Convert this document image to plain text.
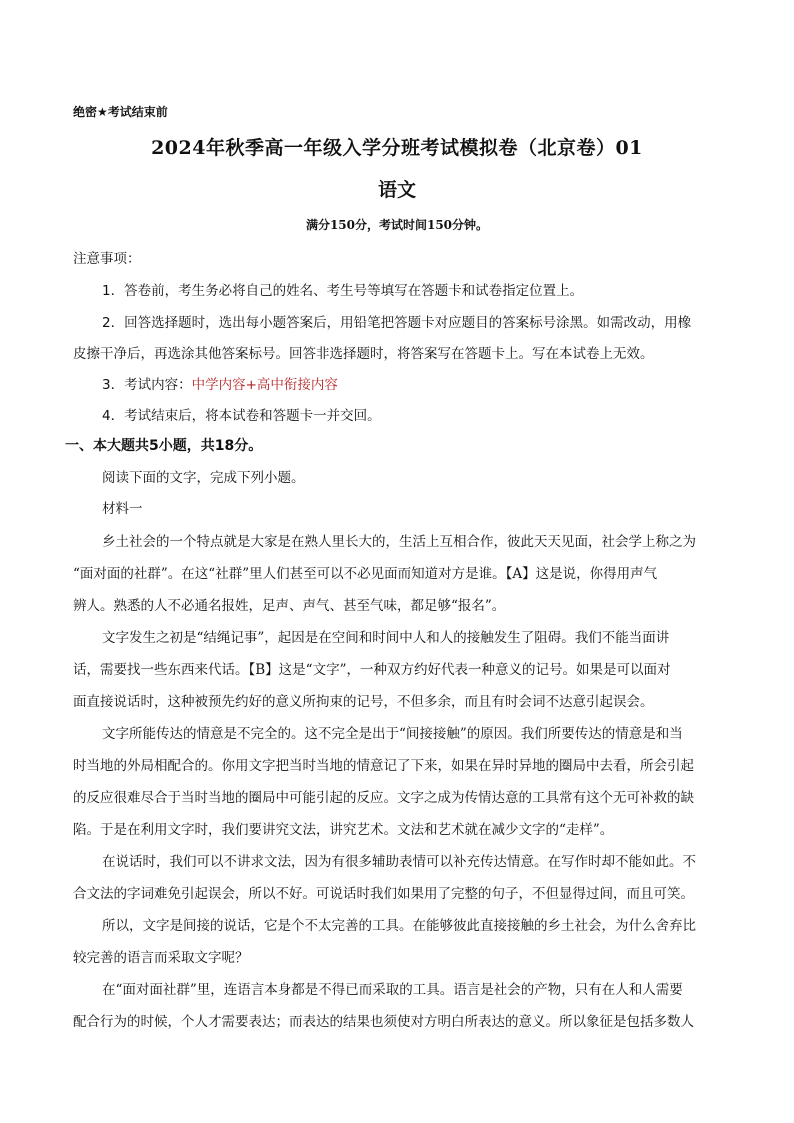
绝密★考试结束前
2024年秋季高一年级入学分班考试模拟卷（北京卷）01
语文
满分150分，考试时间150分钟。
注意事项：
1．答卷前，考生务必将自己的姓名、考生号等填写在答题卡和试卷指定位置上。
2．回答选择题时，选出每小题答案后，用铅笔把答题卡对应题目的答案标号涂黑。如需改动，用橡
皮擦干净后，再选涂其他答案标号。回答非选择题时，将答案写在答题卡上。写在本试卷上无效。
3．考试内容：中学内容+高中衔接内容
4．考试结束后，将本试卷和答题卡一并交回。
一、本大题共5小题，共18分。
阅读下面的文字，完成下列小题。
材料一
乡土社会的一个特点就是大家是在熟人里长大的，生活上互相合作，彼此天天见面，社会学上称之为
“面对面的社群”。在这“社群”里人们甚至可以不必见面而知道对方是谁。【A】这是说，你得用声气
辨人。熟悉的人不必通名报姓，足声、声气、甚至气味，都足够“报名”。
文字发生之初是“结绳记事”，起因是在空间和时间中人和人的接触发生了阻碍。我们不能当面讲
话，需要找一些东西来代话。【B】这是“文字”，一种双方约好代表一种意义的记号。如果是可以面对
面直接说话时，这种被预先约好的意义所拘束的记号，不但多余，而且有时会词不达意引起误会。
文字所能传达的情意是不完全的。这不完全是出于“间接接触”的原因。我们所要传达的情意是和当
时当地的外局相配合的。你用文字把当时当地的情意记了下来，如果在异时异地的圈局中去看，所会引起
的反应很难尽合于当时当地的圈局中可能引起的反应。文字之成为传情达意的工具常有这个无可补救的缺
陷。于是在利用文字时，我们要讲究文法，讲究艺术。文法和艺术就在减少文字的“走样”。
在说话时，我们可以不讲求文法，因为有很多辅助表情可以补充传达情意。在写作时却不能如此。不
合文法的字词难免引起误会，所以不好。可说话时我们如果用了完整的句子，不但显得过间，而且可笑。
所以，文字是间接的说话，它是个不太完善的工具。在能够彼此直接接触的乡土社会，为什么舍弃比
较完善的语言而采取文字呢？
在“面对面社群”里，连语言本身都是不得已而采取的工具。语言是社会的产物，只有在人和人需要
配合行为的时候，个人才需要表达；而表达的结果也须使对方明白所表达的意义。所以象征是包括多数人
